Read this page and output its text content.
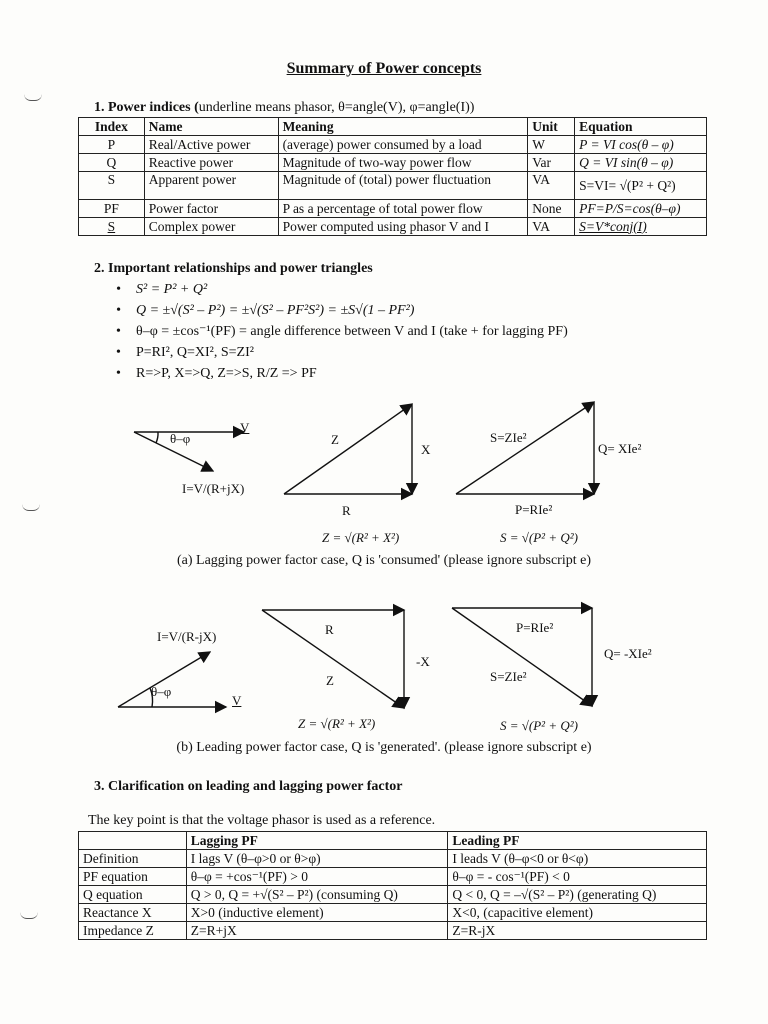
Summary of Power concepts
1. Power indices (underline means phasor, θ=angle(V), φ=angle(I))
Index	Name	Meaning	Unit	Equation
P	Real/Active power	(average) power consumed by a load	W	P = VI cos(θ – φ)
Q	Reactive power	Magnitude of two-way power flow	Var	Q = VI sin(θ – φ)
S	Apparent power	Magnitude of (total) power fluctuation	VA	S=VI= √(P² + Q²)
PF	Power factor	P as a percentage of total power flow	None	PF=P/S=cos(θ–φ)
S	Complex power	Power computed using phasor V and I	VA	S=V*conj(I)
2. Important relationships and power triangles
• S² = P² + Q²
• Q = ±√(S² – P²) = ±√(S² – PF²S²) = ±S√(1 – PF²)
• θ–φ = ±cos⁻¹(PF) = angle difference between V and I (take + for lagging PF)
• P=RI², Q=XI², S=ZI²
• R=>P, X=>Q, Z=>S, R/Z => PF
V
θ–φ
I=V/(R+jX)
Z
X
R
Z = √(R² + X²)
S=ZIe²
Q= XIe²
P=RIe²
S = √(P² + Q²)
(a) Lagging power factor case, Q is 'consumed' (please ignore subscript e)
I=V/(R-jX)
θ–φ
V
R
-X
Z
Z = √(R² + X²)
P=RIe²
S=ZIe²
Q= -XIe²
S = √(P² + Q²)
(b) Leading power factor case, Q is 'generated'. (please ignore subscript e)
3. Clarification on leading and lagging power factor
The key point is that the voltage phasor is used as a reference.
	Lagging PF	Leading PF
Definition	I lags V (θ–φ>0 or θ>φ)	I leads V (θ–φ<0 or θ<φ)
PF equation	θ–φ = +cos⁻¹(PF) > 0	θ–φ = - cos⁻¹(PF) < 0
Q equation	Q > 0, Q = +√(S² – P²) (consuming Q)	Q < 0, Q = –√(S² – P²) (generating Q)
Reactance X	X>0 (inductive element)	X<0, (capacitive element)
Impedance Z	Z=R+jX	Z=R-jX
